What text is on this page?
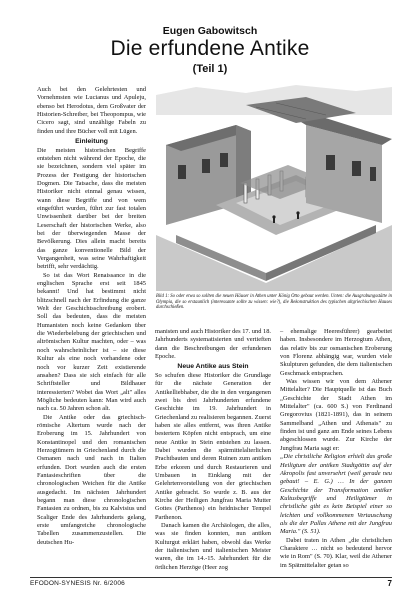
Eugen Gabowitsch
Die erfundene Antike
(Teil 1)

Auch bei den Gelehrtesten und Vornehmsten wie Lucianus und Apuleju, ebenso bei Herodotus, dem Großvater der Historien-Schreiber, bei Theopompus, wie Cicero sagt, sind unzählige Fabeln zu finden und ihre Bücher voll mit Lügen.

Einleitung

Die meisten historischen Begriffe entstehen nicht während der Epoche, die sie bezeichnen, sondern viel später im Prozess der Festigung der historischen Dogmen. Die Tatsache, dass die meisten Historiker nicht einmal genau wissen, wann diese Begriffe und von wem eingeführt wurden, führt zur fast totalen Unwissenheit darüber bei der breiten Leserschaft der historischen Werke, also bei der überwiegenden Masse der Bevölkerung. Dies allein macht bereits das ganze konventionelle Bild der Vergangenheit, was seine Wahrhaftigkeit betrifft, sehr verdächtig.

So ist das Wort Renaissance in die englischen Sprache erst seit 1845 bekannt! Und hat bestimmt nicht blitzschnell nach der Erfindung die ganze Welt der Geschichtsschreibung erobert. Soll das bedeuten, dass die meisten Humanisten noch keine Gedanken über die Wiederbelebung der griechischen und altrömischen Kultur machten, oder – was noch wahrscheinlicher ist – sie diese Kultur als eine noch vorhandene oder noch vor kurzer Zeit existierende ansahen? Dass sie sich einfach für alle Schriftsteller und Bildhauer interessierten? Wobei das Wort „alt" alles Mögliche bedeuten kann: Man wird auch nach ca. 50 Jahren schon alt.

Die Antike oder das griechisch-römische Altertum wurde nach der Eroberung im 15. Jahrhundert von Konstantinopel und den romanischen Herzogtümern in Griechenland durch die Osmanen nach und nach in Italien erfunden. Dort wurden auch die ersten Fantasieschriften über die chronologischen Weichen für die Antike ausgedacht. Im nächsten Jahrhundert begann man diese chronologischen Fantasien zu ordnen, bis zu Kalvisius und Scaliger Ende des Jahrhunderts gelang, erste umfangreiche chronologische Tabellen zusammenzustellen. Die deutschen Hu-

Bild 1: So oder etwa so sollten die neuen Häuser in Athen unter König Otto gebaut werden. Unten: die Ausgrabungsstätte in Olympia, die so erstaunlich (interessante sollte zu wissen: wie?), die Rekonstruktion des typischen altgriechischen Hauses durchschießen.

manisten und auch Historiker des 17. und 18. Jahrhunderts systematisierten und vertieften dann die Beschreibungen der erfundenen Epoche.

Neue Antike aus Stein

So schufen diese Historiker die Grundlage für die nächste Generation der Antikelliebhaber, die die in den vergangenen zwei bis drei Jahrhunderten erfundene Geschichte im 19. Jahrhundert in Griechenland zu realisieren begannen. Zuerst haben sie alles entfernt, was ihren Antike bestertem Köpfen nicht entsprach, um eine neue Antike in Stein entstehen zu lassen. Dabei wurden die spärmittelalterlichen Prachtbauten und deren Ruinen zum antiken Erbe erkoren und durch Restaurieren und Umbauen in Einklang mit der Gelehrtenvorstellung von der griechischen Antike gebracht. So wurde z. B. aus der Kirche der Heiligen Jungfrau Maria Mutter Gottes (Parthenos) ein heidnischer Tempel Parthenon.

Danach kamen die Archäologen, die alles, was sie finden konnten, nun antiken Kulturgut erklärt haben, obwohl das Werke der italienischen und italienischen Meister waren, die im 14.-15. Jahrhundert für die örtlichen Herzöge (Heer zog

– ehemalige Heeresführer) gearbeitet haben. Insbesondere im Herzogtum Athen, das relativ bis zur osmanischen Eroberung von Florenz abhängig war, wurden viele Skulpturen gefunden, die dem italienischen Geschmack entsprachen.

Was wissen wir von dem Athener Mittelalter? Die Hauptquelle ist das Buch „Geschichte der Stadt Athen im Mittelalter" (ca. 600 S.) von Ferdinand Gregorovius (1821-1891), das in seinem Sammelband „Athen und Athenais" zu finden ist und ganz am Ende seines Lebens abgeschlossen wurde. Zur Kirche der Jungfrau Maria sagt er:

„Die christliche Religion erhielt das große Heiligtum der antiken Stadtgöttin auf der Akropolis fast unversehrt (weil gerade neu gebaut! – E. G.) … In der ganzen Geschichte der Transformation antiker Kultusbegriffe und Heiligtümer in christliche gibt es kein Beispiel einer so leichten und vollkommenen Vertauschung als die der Pallas Athene mit der Jungfrau Maria." (S. 51).

Dabei traten in Athen „die christlichen Charaktere … nicht so bedeutend hervor wie in Rom" (S. 70). Klar, weil die Athener im Spätmittelalter getan so

EFODON-SYNESIS Nr. 6/2006	7
